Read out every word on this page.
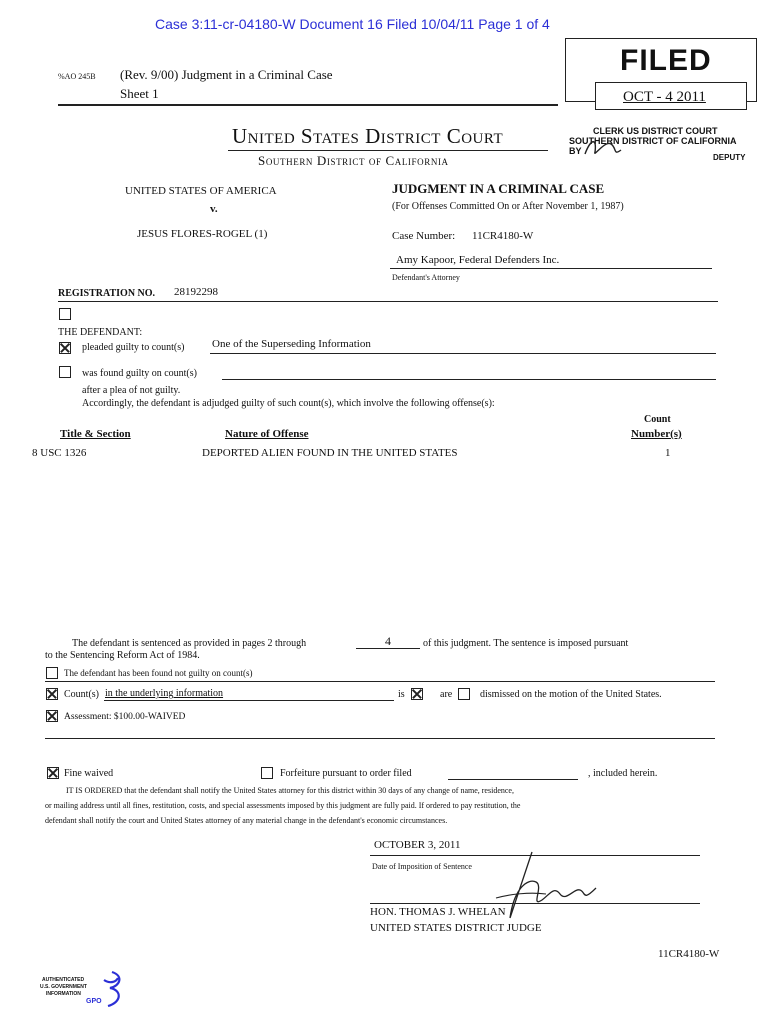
Case 3:11-cr-04180-W Document 16 Filed 10/04/11 Page 1 of 4
%AO 245B (Rev. 9/00) Judgment in a Criminal Case
Sheet 1
FILED
OCT - 4 2011
CLERK US DISTRICT COURT
SOUTHERN DISTRICT OF CALIFORNIA
BY
DEPUTY
United States District Court
Southern District of California
UNITED STATES OF AMERICA
v.
JESUS FLORES-ROGEL (1)
JUDGMENT IN A CRIMINAL CASE
(For Offenses Committed On or After November 1, 1987)
Case Number: 11CR4180-W
Amy Kapoor, Federal Defenders Inc.
Defendant's Attorney
REGISTRATION NO. 28192298
THE DEFENDANT:
pleaded guilty to count(s)	One of the Superseding Information
was found guilty on count(s)
after a plea of not guilty.
Accordingly, the defendant is adjudged guilty of such count(s), which involve the following offense(s):
Count
Title & Section	Nature of Offense	Number(s)
8 USC 1326	DEPORTED ALIEN FOUND IN THE UNITED STATES	1
The defendant is sentenced as provided in pages 2 through	4	of this judgment. The sentence is imposed pursuant
to the Sentencing Reform Act of 1984.
The defendant has been found not guilty on count(s)
Count(s) in the underlying information	is	are	dismissed on the motion of the United States.
Assessment: $100.00-WAIVED
Fine waived	Forfeiture pursuant to order filed	, included herein.
IT IS ORDERED that the defendant shall notify the United States attorney for this district within 30 days of any change of name, residence,
or mailing address until all fines, restitution, costs, and special assessments imposed by this judgment are fully paid. If ordered to pay restitution, the
defendant shall notify the court and United States attorney of any material change in the defendant's economic circumstances.
OCTOBER 3, 2011
Date of Imposition of Sentence
HON. THOMAS J. WHELAN
UNITED STATES DISTRICT JUDGE
11CR4180-W
AUTHENTICATED
U.S. GOVERNMENT
INFORMATION
GPO
